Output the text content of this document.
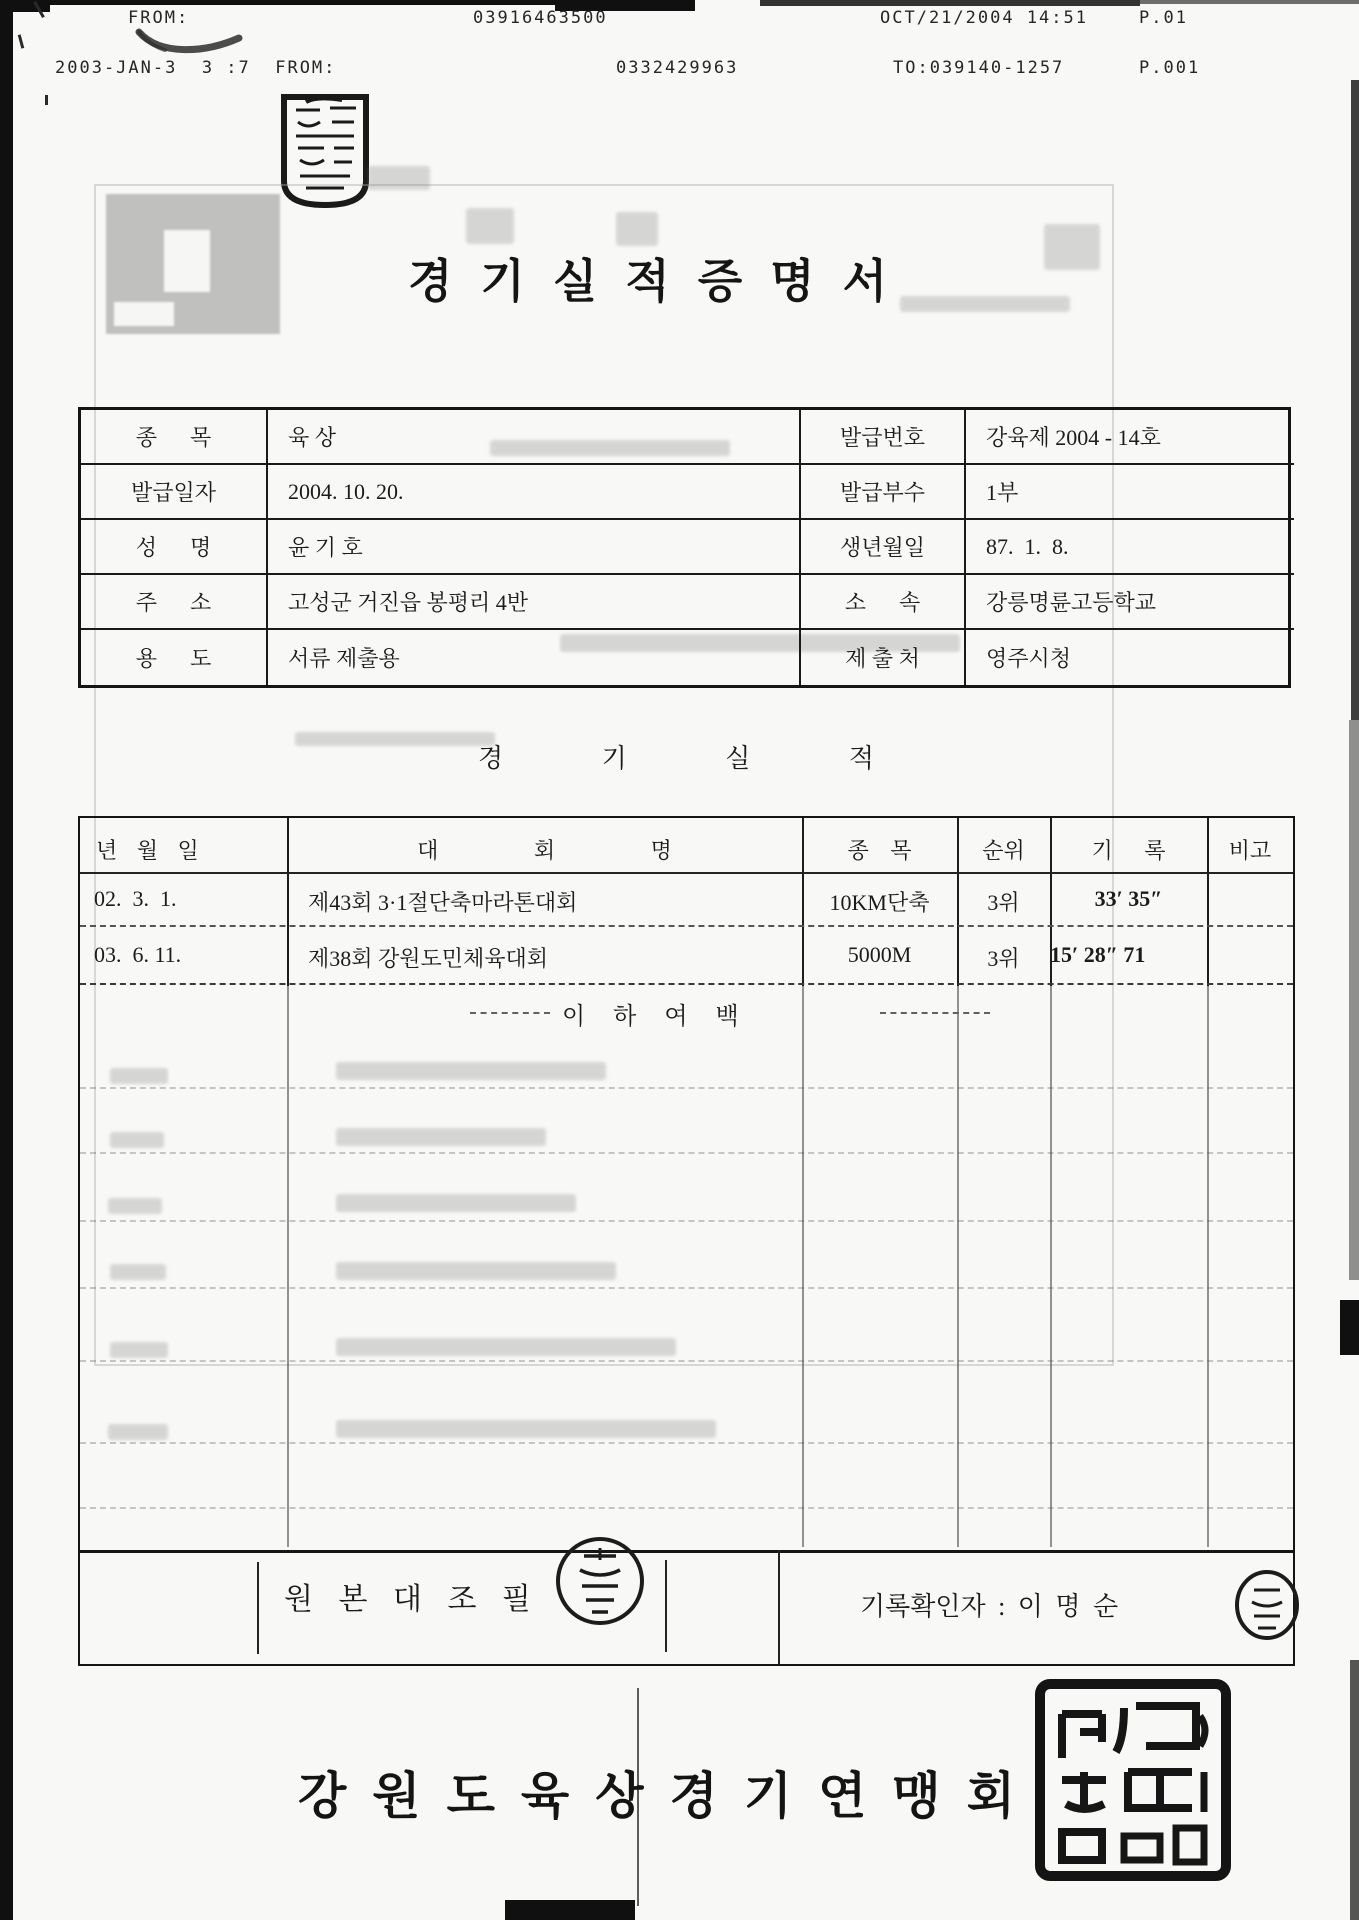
FROM:	03916463500	OCT/21/2004 14:51	P.01
2003-JAN-3  3 :7  FROM:	0332429963	TO:039140-1257	P.001
경기실적증명서
종      목	육 상	발급번호	강육제 2004 - 14호
발급일자	2004. 10. 20.	발급부수	1부
성      명	윤 기 호	생년월일	87.  1.  8.
주      소	고성군 거진읍 봉평리 4반	소      속	강릉명륜고등학교
용      도	서류 제출용	제 출 처	영주시청
경 기 실 적
년 월 일	대 회 명	종 목	순위	기 록	비고
02.  3.  1.	제43회 3·1절단축마라톤대회	10KM단축	3위	33′ 35″
03.  6. 11.	제38회 강원도민체육대회	5000M	3위	15′ 28″ 71
이 하 여 백
원 본 대 조 필	기록확인자 : 이 명 순
강원도육상경기연맹회
